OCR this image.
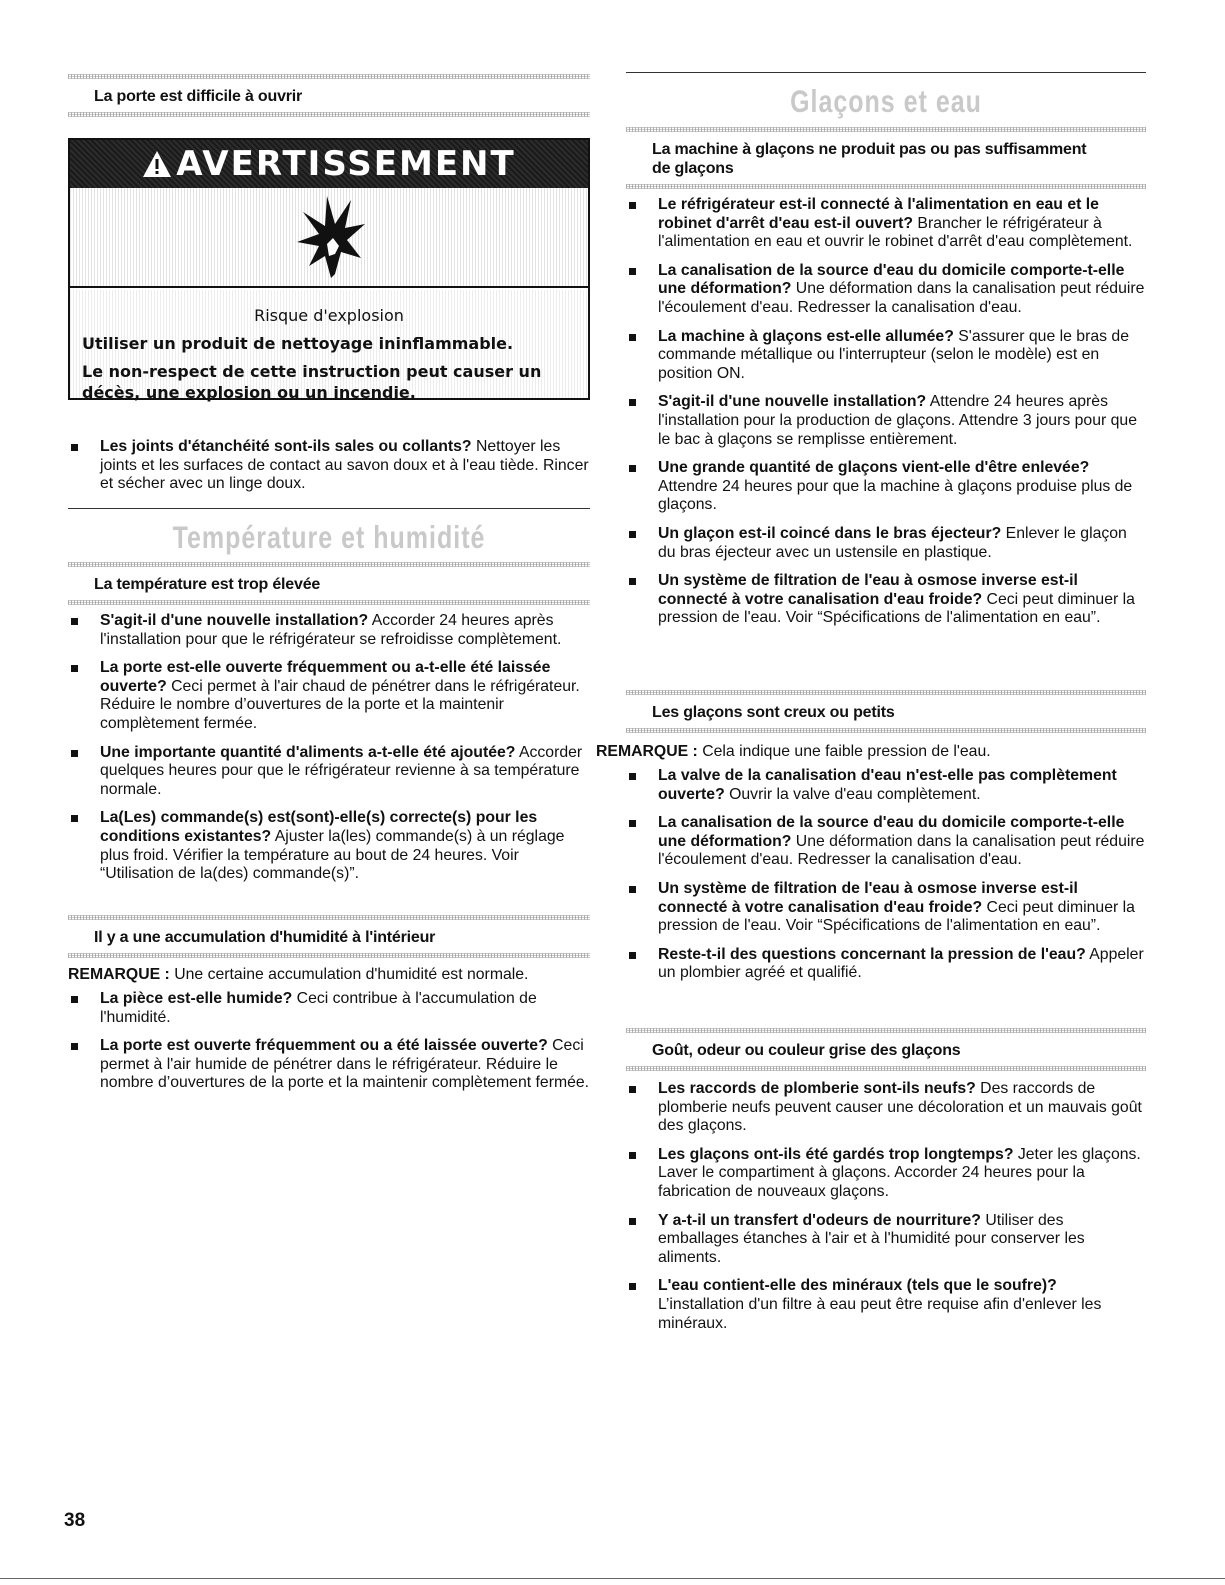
La porte est difficile à ouvrir
AVERTISSEMENT
Risque d'explosion
Utiliser un produit de nettoyage ininflammable.
Le non-respect de cette instruction peut causer un décès, une explosion ou un incendie.
Les joints d'étanchéité sont-ils sales ou collants? Nettoyer les joints et les surfaces de contact au savon doux et à l'eau tiède. Rincer et sécher avec un linge doux.
Température et humidité
La température est trop élevée
S'agit-il d'une nouvelle installation? Accorder 24 heures après l'installation pour que le réfrigérateur se refroidisse complètement.
La porte est-elle ouverte fréquemment ou a-t-elle été laissée ouverte? Ceci permet à l'air chaud de pénétrer dans le réfrigérateur. Réduire le nombre d’ouvertures de la porte et la maintenir complètement fermée.
Une importante quantité d'aliments a-t-elle été ajoutée? Accorder quelques heures pour que le réfrigérateur revienne à sa température normale.
La(Les) commande(s) est(sont)-elle(s) correcte(s) pour les conditions existantes? Ajuster la(les) commande(s) à un réglage plus froid. Vérifier la température au bout de 24 heures. Voir “Utilisation de la(des) commande(s)”.
Il y a une accumulation d'humidité à l'intérieur
REMARQUE : Une certaine accumulation d'humidité est normale.
La pièce est-elle humide? Ceci contribue à l'accumulation de l'humidité.
La porte est ouverte fréquemment ou a été laissée ouverte? Ceci permet à l'air humide de pénétrer dans le réfrigérateur. Réduire le nombre d’ouvertures de la porte et la maintenir complètement fermée.
Glaçons et eau
La machine à glaçons ne produit pas ou pas suffisamment de glaçons
Le réfrigérateur est-il connecté à l'alimentation en eau et le robinet d'arrêt d'eau est-il ouvert? Brancher le réfrigérateur à l'alimentation en eau et ouvrir le robinet d'arrêt d'eau complètement.
La canalisation de la source d'eau du domicile comporte-t-elle une déformation? Une déformation dans la canalisation peut réduire l'écoulement d'eau. Redresser la canalisation d'eau.
La machine à glaçons est-elle allumée? S'assurer que le bras de commande métallique ou l'interrupteur (selon le modèle) est en position ON.
S'agit-il d'une nouvelle installation? Attendre 24 heures après l'installation pour la production de glaçons. Attendre 3 jours pour que le bac à glaçons se remplisse entièrement.
Une grande quantité de glaçons vient-elle d'être enlevée? Attendre 24 heures pour que la machine à glaçons produise plus de glaçons.
Un glaçon est-il coincé dans le bras éjecteur? Enlever le glaçon du bras éjecteur avec un ustensile en plastique.
Un système de filtration de l'eau à osmose inverse est-il connecté à votre canalisation d'eau froide? Ceci peut diminuer la pression de l'eau. Voir “Spécifications de l'alimentation en eau”.
Les glaçons sont creux ou petits
REMARQUE : Cela indique une faible pression de l'eau.
La valve de la canalisation d'eau n'est-elle pas complètement ouverte? Ouvrir la valve d'eau complètement.
La canalisation de la source d'eau du domicile comporte-t-elle une déformation? Une déformation dans la canalisation peut réduire l'écoulement d'eau. Redresser la canalisation d'eau.
Un système de filtration de l'eau à osmose inverse est-il connecté à votre canalisation d'eau froide? Ceci peut diminuer la pression de l'eau. Voir “Spécifications de l'alimentation en eau”.
Reste-t-il des questions concernant la pression de l'eau? Appeler un plombier agréé et qualifié.
Goût, odeur ou couleur grise des glaçons
Les raccords de plomberie sont-ils neufs? Des raccords de plomberie neufs peuvent causer une décoloration et un mauvais goût des glaçons.
Les glaçons ont-ils été gardés trop longtemps? Jeter les glaçons. Laver le compartiment à glaçons. Accorder 24 heures pour la fabrication de nouveaux glaçons.
Y a-t-il un transfert d'odeurs de nourriture? Utiliser des emballages étanches à l'air et à l'humidité pour conserver les aliments.
L'eau contient-elle des minéraux (tels que le soufre)? L’installation d'un filtre à eau peut être requise afin d'enlever les minéraux.
38
